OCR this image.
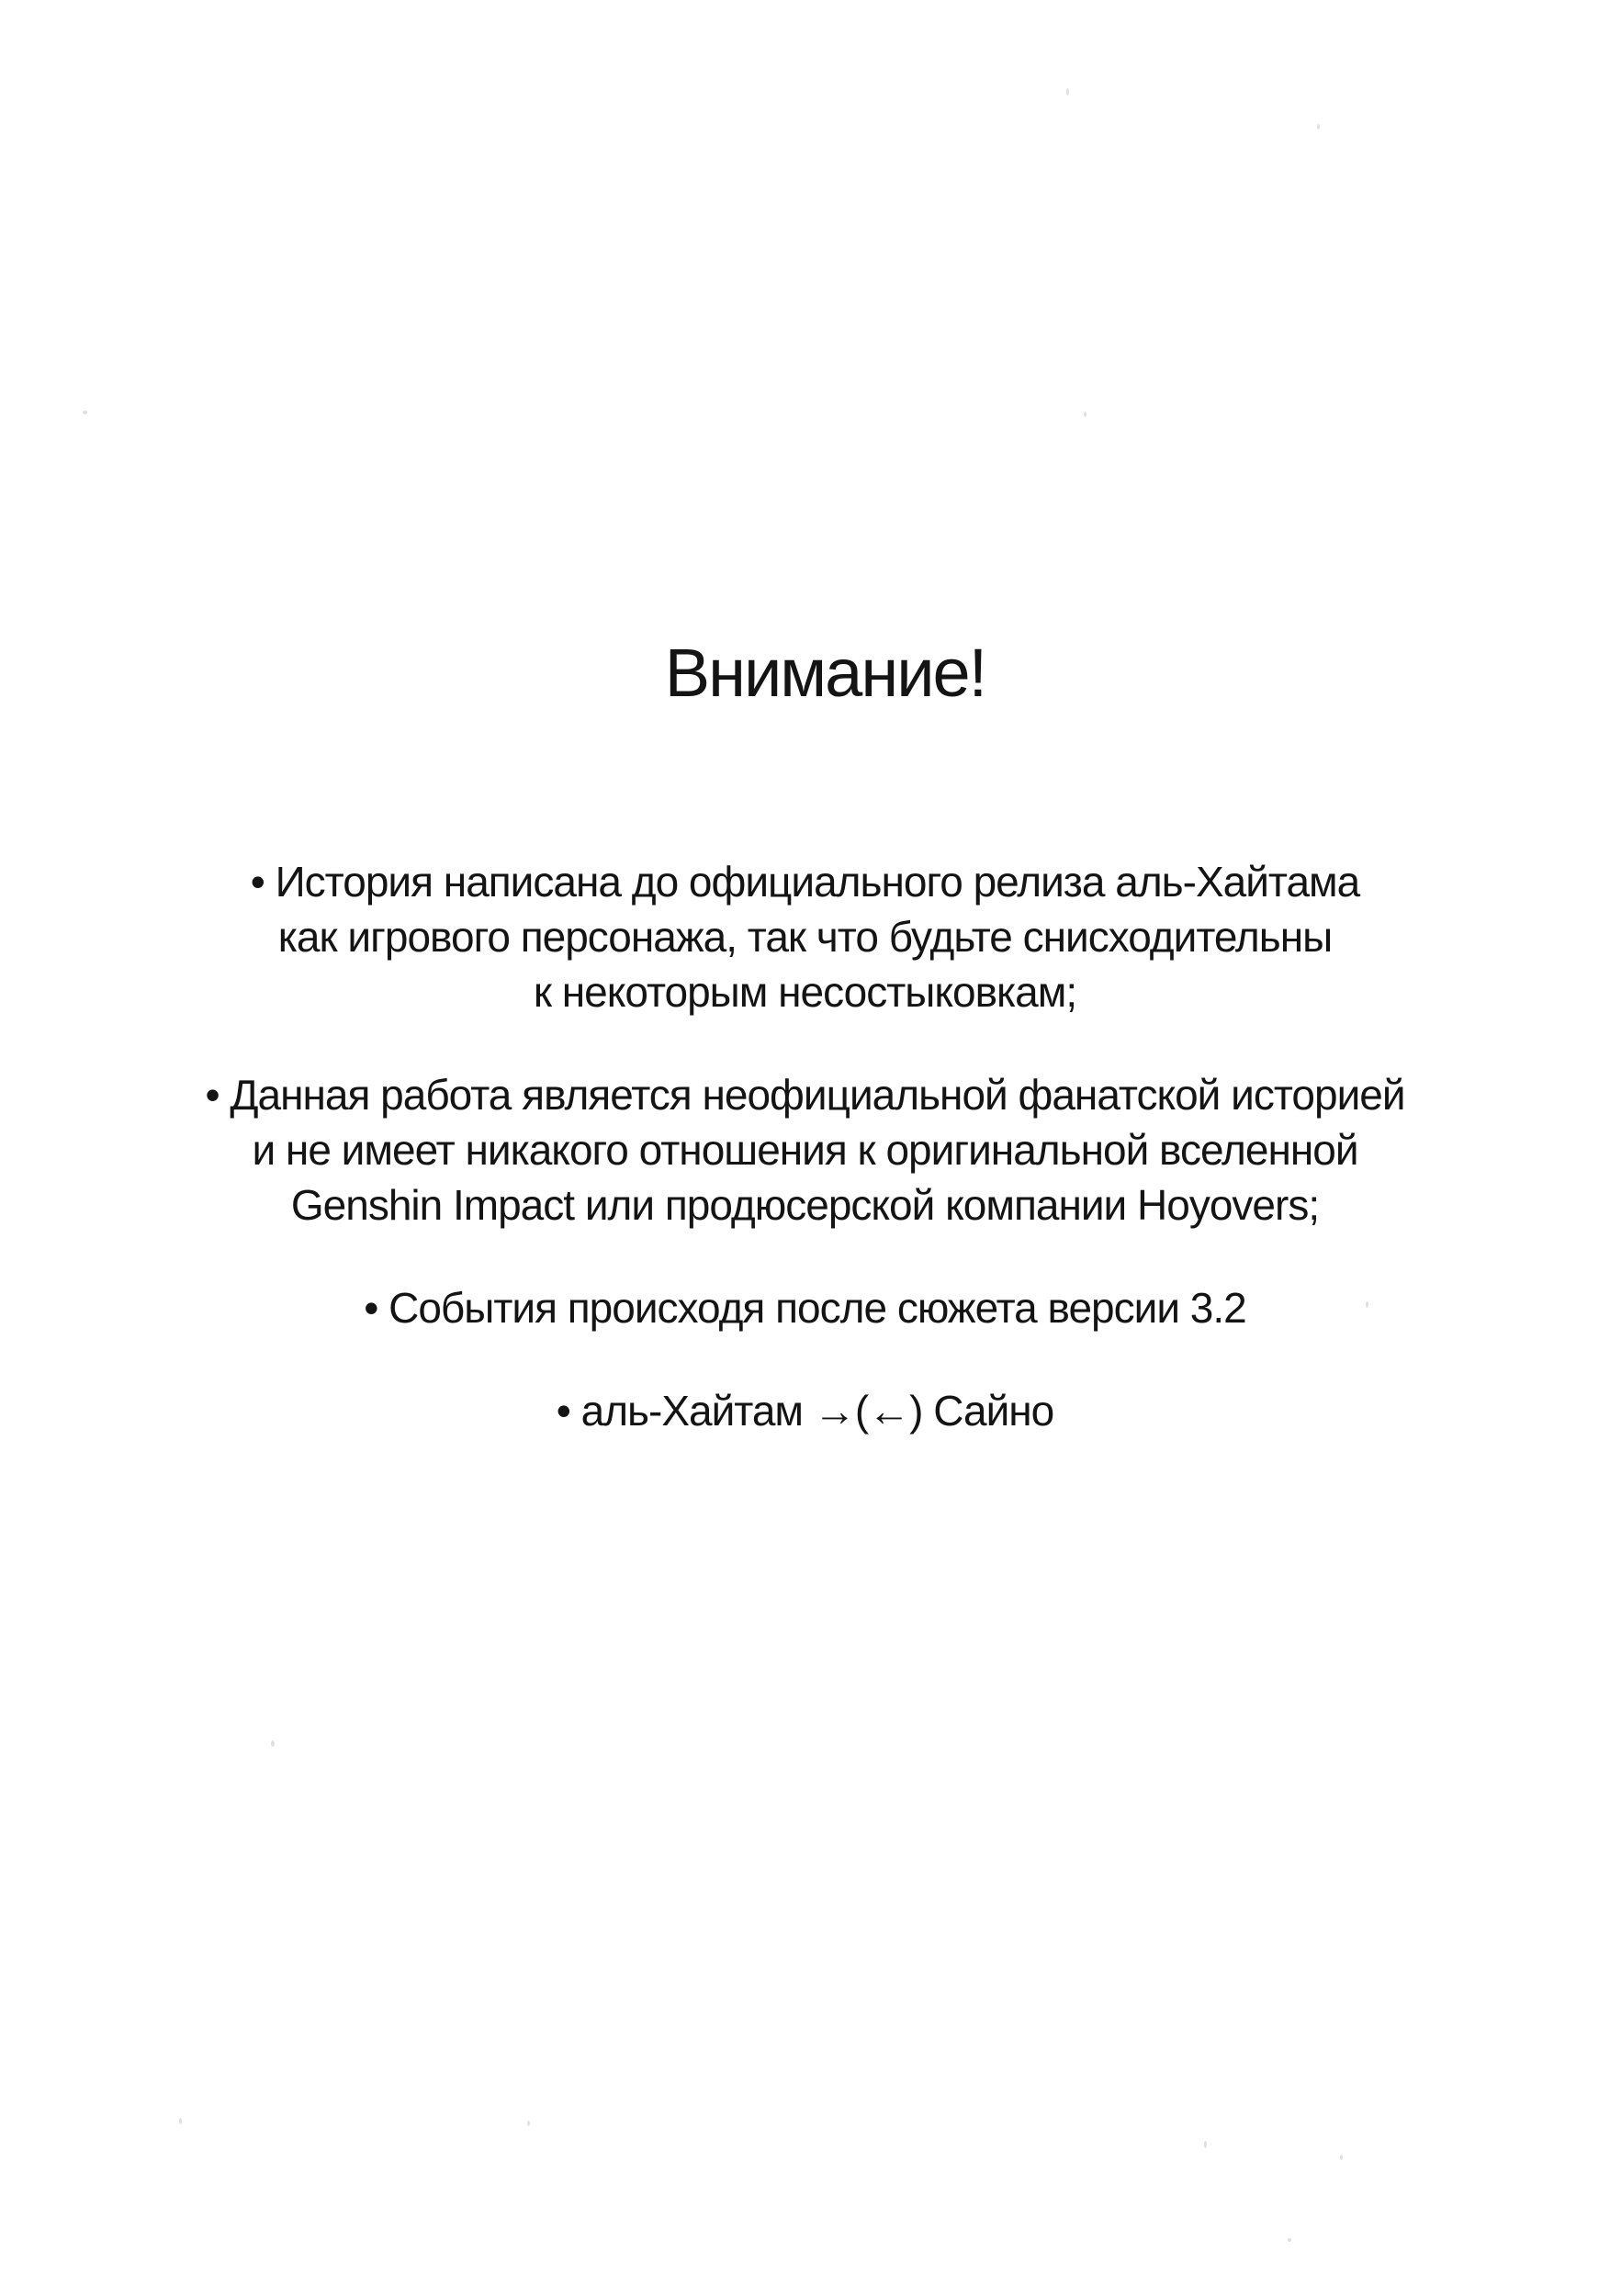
Внимание!

• История написана до официального релиза аль-Хайтама
как игрового персонажа, так что будьте снисходительны
к некоторым несостыковкам;

• Данная работа является неофициальной фанатской историей
и не имеет никакого отношения к оригинальной вселенной
Genshin Impact или продюсерской компании Hoyovers;

• События происходя после сюжета версии 3.2

• аль-Хайтам →(←) Сайно
